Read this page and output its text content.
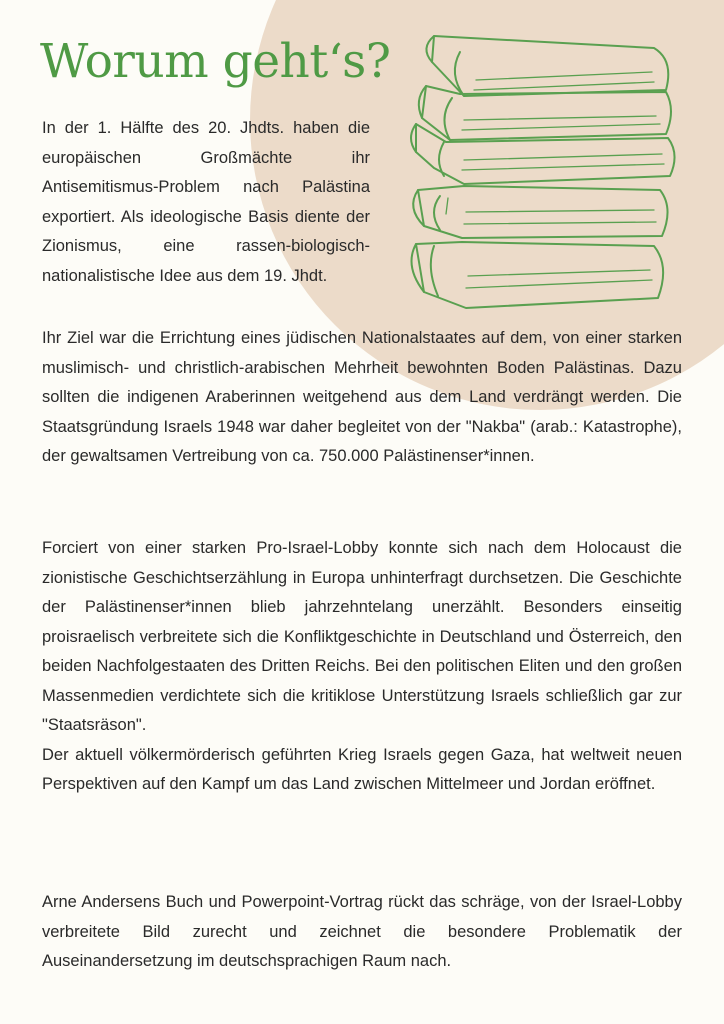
Worum geht‘s?

In der 1. Hälfte des 20. Jhdts. haben die europäischen Großmächte ihr Antisemitismus-Problem nach Palästina exportiert. Als ideologische Basis diente der Zionismus, eine rassen-biologisch-nationalistische Idee aus dem 19. Jhdt.

Ihr Ziel war die Errichtung eines jüdischen Nationalstaates auf dem, von einer starken muslimisch- und christlich-arabischen Mehrheit bewohnten Boden Palästinas. Dazu sollten die indigenen Araberinnen weitgehend aus dem Land verdrängt werden. Die Staatsgründung Israels 1948 war daher begleitet von der "Nakba" (arab.: Katastrophe), der gewaltsamen Vertreibung von ca. 750.000 Palästinenser*innen.

Forciert von einer starken Pro-Israel-Lobby konnte sich nach dem Holocaust die zionistische Geschichtserzählung in Europa unhinterfragt durchsetzen. Die Geschichte der Palästinenser*innen blieb jahrzehntelang unerzählt. Besonders einseitig proisraelisch verbreitete sich die Konfliktgeschichte in Deutschland und Österreich, den beiden Nachfolgestaaten des Dritten Reichs. Bei den politischen Eliten und den großen Massenmedien verdichtete sich die kritiklose Unterstützung Israels schließlich gar zur "Staatsräson".
Der aktuell völkermörderisch geführten Krieg Israels gegen Gaza, hat weltweit neuen Perspektiven auf den Kampf um das Land zwischen Mittelmeer und Jordan eröffnet.

Arne Andersens Buch und Powerpoint-Vortrag rückt das schräge, von der Israel-Lobby verbreitete Bild zurecht und zeichnet die besondere Problematik der Auseinandersetzung im deutschsprachigen Raum nach.
